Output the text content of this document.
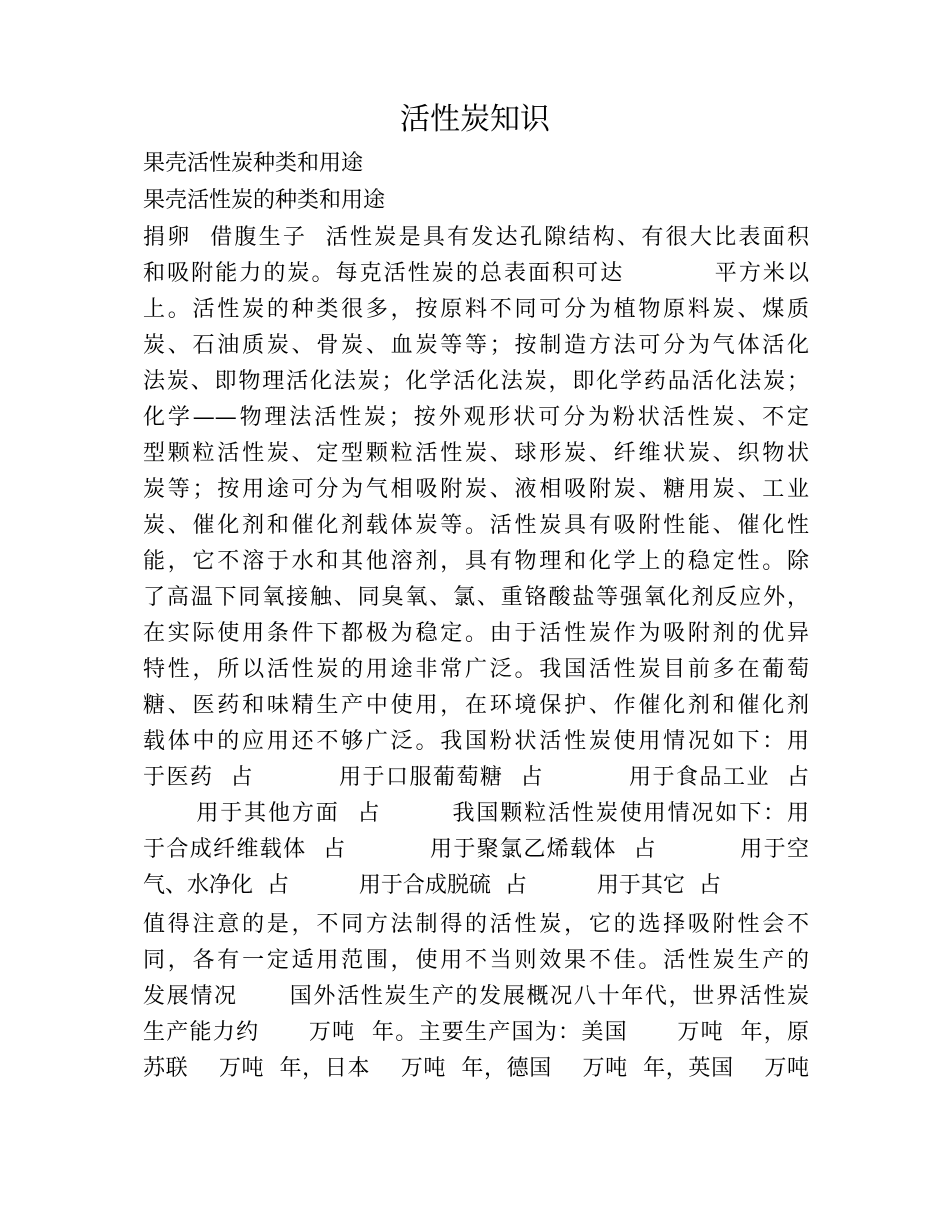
活性炭知识
果壳活性炭种类和用途
果壳活性炭的种类和用途
捐卵  借腹生子  活性炭是具有发达孔隙结构、有很大比表面积
和吸附能力的炭。每克活性炭的总表面积可达          平方米以
上。活性炭的种类很多，按原料不同可分为植物原料炭、煤质
炭、石油质炭、骨炭、血炭等等；按制造方法可分为气体活化
法炭、即物理活化法炭；化学活化法炭，即化学药品活化法炭；
化学——物理法活性炭；按外观形状可分为粉状活性炭、不定
型颗粒活性炭、定型颗粒活性炭、球形炭、纤维状炭、织物状
炭等；按用途可分为气相吸附炭、液相吸附炭、糖用炭、工业
炭、催化剂和催化剂载体炭等。活性炭具有吸附性能、催化性
能，它不溶于水和其他溶剂，具有物理和化学上的稳定性。除
了高温下同氧接触、同臭氧、氯、重铬酸盐等强氧化剂反应外，
在实际使用条件下都极为稳定。由于活性炭作为吸附剂的优异
特性，所以活性炭的用途非常广泛。我国活性炭目前多在葡萄
糖、医药和味精生产中使用，在环境保护、作催化剂和催化剂
载体中的应用还不够广泛。我国粉状活性炭使用情况如下：用
于医药  占          用于口服葡萄糖  占          用于食品工业  占
用于其他方面  占        我国颗粒活性炭使用情况如下：用
于合成纤维载体  占          用于聚氯乙烯载体  占          用于空
气、水净化  占          用于合成脱硫  占          用于其它  占
值得注意的是，不同方法制得的活性炭，它的选择吸附性会不
同，各有一定适用范围，使用不当则效果不佳。活性炭生产的
发展情况      国外活性炭生产的发展概况八十年代，世界活性炭
生产能力约      万吨  年。主要生产国为：美国      万吨  年，原
苏联    万吨  年，日本    万吨  年，德国    万吨  年，英国    万吨
